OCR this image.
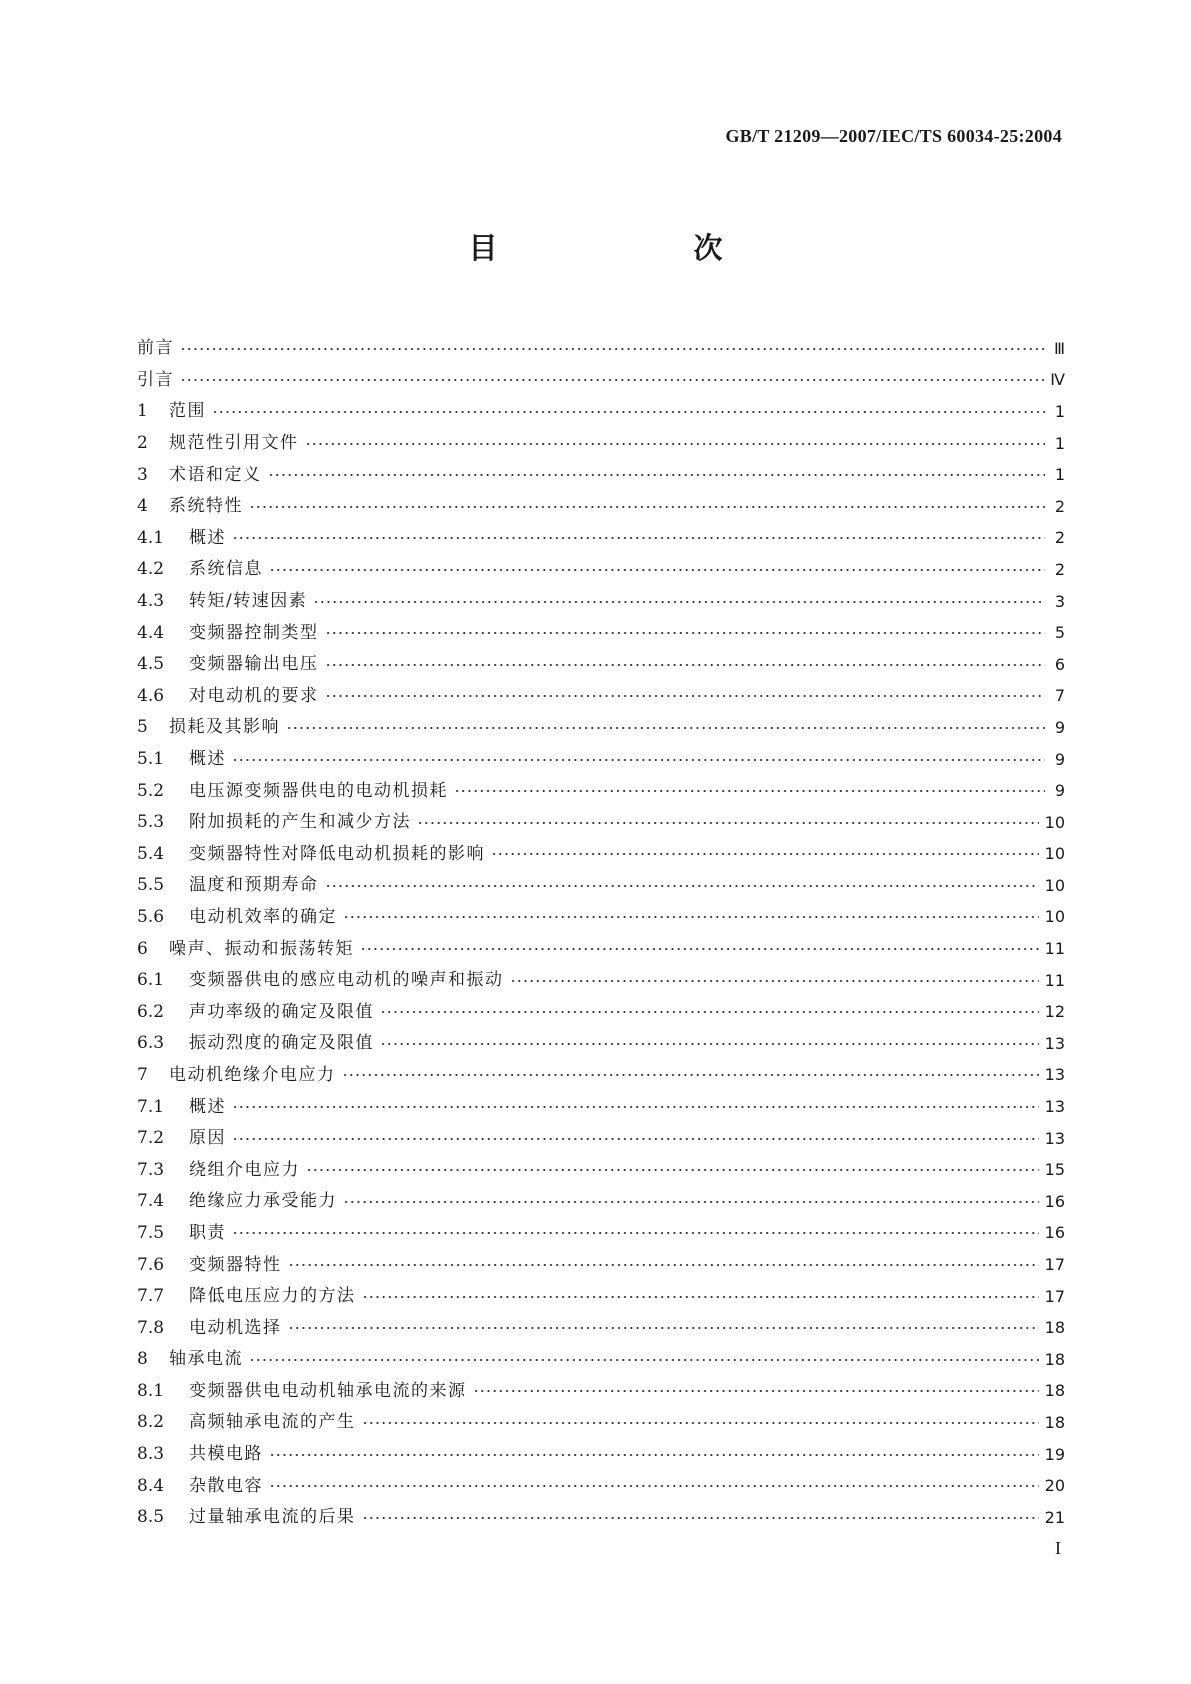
GB/T 21209—2007/IEC/TS 60034-25:2004
目　　次
前言	Ⅲ
引言	Ⅳ
1	范围	1
2	规范性引用文件	1
3	术语和定义	1
4	系统特性	2
4.1	概述	2
4.2	系统信息	2
4.3	转矩/转速因素	3
4.4	变频器控制类型	5
4.5	变频器输出电压	6
4.6	对电动机的要求	7
5	损耗及其影响	9
5.1	概述	9
5.2	电压源变频器供电的电动机损耗	9
5.3	附加损耗的产生和减少方法	10
5.4	变频器特性对降低电动机损耗的影响	10
5.5	温度和预期寿命	10
5.6	电动机效率的确定	10
6	噪声、振动和振荡转矩	11
6.1	变频器供电的感应电动机的噪声和振动	11
6.2	声功率级的确定及限值	12
6.3	振动烈度的确定及限值	13
7	电动机绝缘介电应力	13
7.1	概述	13
7.2	原因	13
7.3	绕组介电应力	15
7.4	绝缘应力承受能力	16
7.5	职责	16
7.6	变频器特性	17
7.7	降低电压应力的方法	17
7.8	电动机选择	18
8	轴承电流	18
8.1	变频器供电电动机轴承电流的来源	18
8.2	高频轴承电流的产生	18
8.3	共模电路	19
8.4	杂散电容	20
8.5	过量轴承电流的后果	21
I
